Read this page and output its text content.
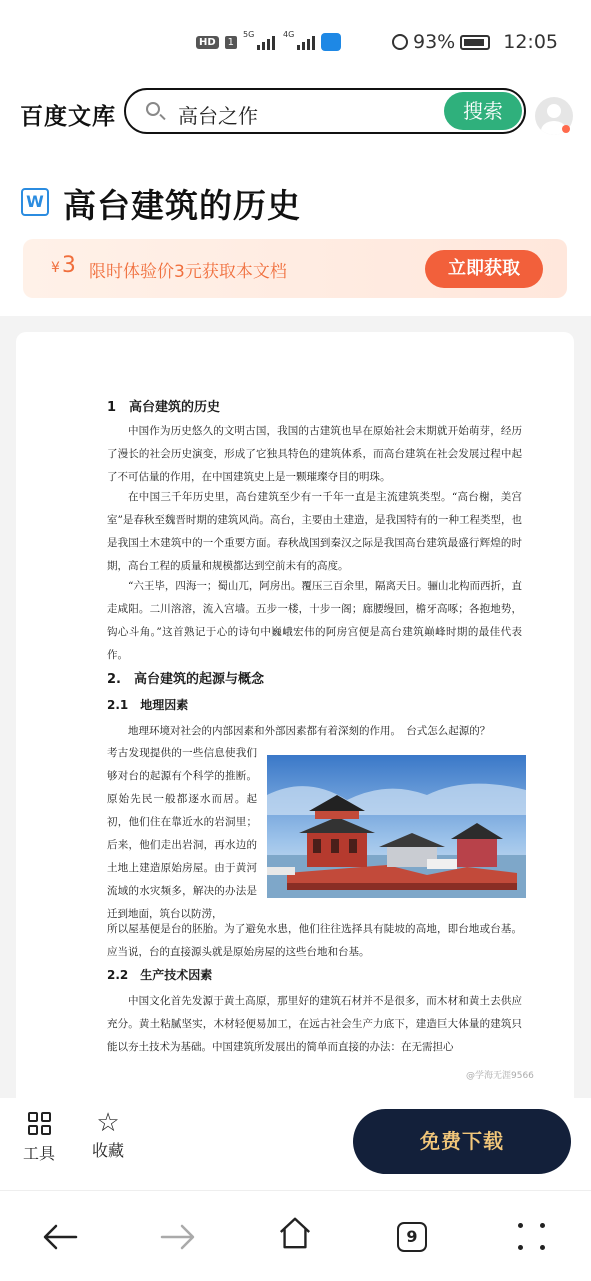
HD	1
5G	4G	93%	12:05
百度文库	高台之作	搜索
W 高台建筑的历史
¥3 限时体验价3元获取本文档	立即获取
1　高台建筑的历史

中国作为历史悠久的文明古国，我国的古建筑也早在原始社会末期就开始萌芽，经历了漫长的社会历史演变，形成了它独具特色的建筑体系，而高台建筑在社会发展过程中起了不可估量的作用，在中国建筑史上是一颗璀璨夺目的明珠。

在中国三千年历史里，高台建筑至少有一千年一直是主流建筑类型。“高台榭，美宫室”是春秋至魏晋时期的建筑风尚。高台，主要由土建造，是我国特有的一种工程类型，也是我国土木建筑中的一个重要方面。春秋战国到秦汉之际是我国高台建筑最盛行辉煌的时期，高台工程的质量和规模都达到空前未有的高度。

“六王毕，四海一；蜀山兀，阿房出。覆压三百余里，隔离天日。骊山北构而西折，直走咸阳。二川溶溶，流入宫墙。五步一楼，十步一阁；廊腰缦回，檐牙高啄；各抱地势，钩心斗角。”这首熟记于心的诗句中巍峨宏伟的阿房宫便是高台建筑巅峰时期的最佳代表作。

2.　高台建筑的起源与概念
2.1　地理因素

地理环境对社会的内部因素和外部因素都有着深刻的作用。　台式怎么起源的？

考古发现提供的一些信息使我们够对台的起源有个科学的推断。原始先民一般都逐水而居。起初，他们住在靠近水的岩洞里；后来，他们走出岩洞，再水边的土地上建造原始房屋。由于黄河流域的水灾频多，解决的办法是迁到地面，筑台以防涝，

所以屋基便是台的胚胎。为了避免水患，他们往往选择具有陡坡的高地，即台地或台基。应当说，台的直接源头就是原始房屋的这些台地和台基。

2.2　生产技术因素

中国文化首先发源于黄土高原，那里好的建筑石材并不是很多，而木材和黄土去供应充分。黄土粘腻坚实，木材轻便易加工，在远古社会生产力底下，建造巨大体量的建筑只能以夯土技术为基础。中国建筑所发展出的简单而直接的办法：在无需担心

@学海无涯9566
工具
☆
收藏	免费下载
9
